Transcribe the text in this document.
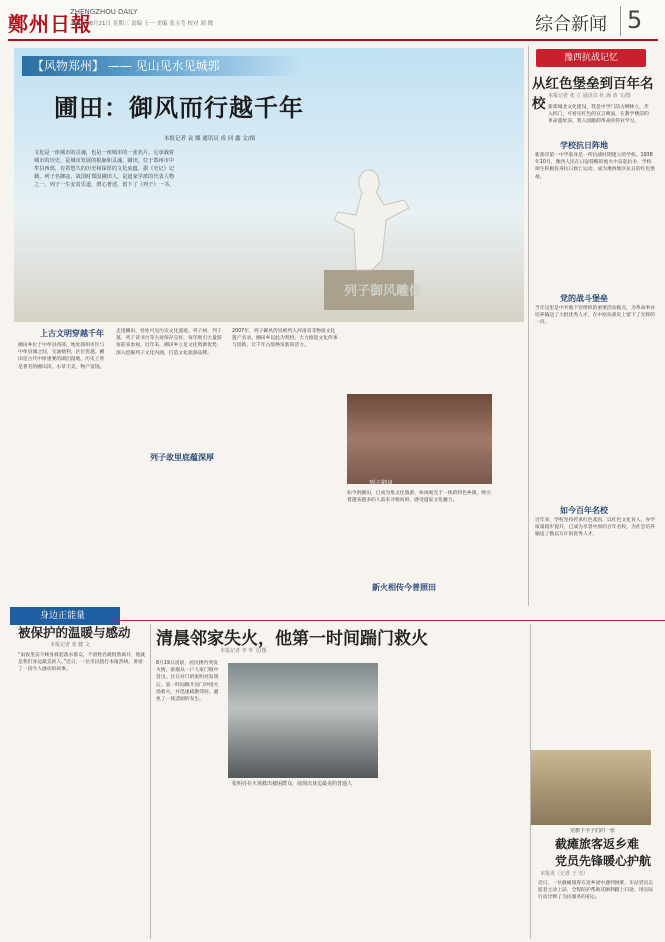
鄭州日報
ZHENGZHOU DAILY
2025年8月21日 星期三 责编 王一 美编 张玉莹 校对 刘 晓	综合新闻 5
【风物郑州】 —— 见山见水见城郭
圃田：御风而行越千年
本报记者 袁 娜 通讯员 成 同 鑫 文/图
文化是一座城市的灵魂，也是一座城市的一张名片。它承载着城市的历史，是城市发展的根脉和灵魂。圃田，位于郑州市中牟县西部，有着悠久的历史和深厚的文化底蕴。据《史记》记载，列子名御寇，战国时郑国圃田人，是道家学派的代表人物之一。列子一生安贫乐道，潜心著述，留下了《列子》一书。
列子御风雕像
上古文明穿越千年
圃田乡位于中牟县西部，地处郑州市区与中牟县城之间，交通便利，区位优越。圃田是古代中原重要的湖泊湿地，历史上曾是著名的圃田泽，水草丰美，物产富饶。
走进圃田，处处可见历史文化遗迹。列子祠、列子墓、列子读书台等古迹保存完好，每年吸引大量游客前来参观。近年来，圃田乡立足文化资源优势，深入挖掘列子文化内涵，打造文化旅游品牌。
列子故里底蕴深厚
2007年，列子御风传说被列入河南省非物质文化遗产名录。圃田乡以此为契机，大力推进文化传承与创新，让千年古韵焕发新的活力。
新火相传今普照田
如今的圃田，已成为集文化旅游、休闲观光于一体的特色乡镇，吸引着越来越多的人前来寻根问祖、感受道家文化魅力。
列子御风
豫西抗战记忆
从红色堡垒到百年名校 本报记者 张 立 通讯员 杜 海 涛 文/图
新郑城北文化建设，我是中学门前古柳林立，步入校门，可看见红色的宣言碑面，在教学楼前的革命遗址前，我入园瞻仰革命的伟业学习。
学校抗日阵地
新郑市第一中学前身是一所抗战时期建立的学校。1938年10月，豫西人民在日寇侵略的炮火中奋起抗争，学校师生积极投身抗日救亡运动，成为豫西地区抗日的红色堡垒。
党的战斗堡垒
当年这里是中共地下党组织的重要活动据点，为革命事业培养输送了大批优秀人才，在中原抗战史上留下了光辉的一页。
如今百年名校
近年来，学校坚持传承红色基因，以红色文化育人，办学质量稳步提升，已成为享誉中原的百年名校，为社会培养输送了数以万计的优秀人才。
党旗下学子们的一张
身边正能量
被保护的温暖与感动
本报记者 张 健 文
“雨夜里奋不顾身救起落水群众，不留姓名就悄然离开，他就是我们身边最美的人。”近日，一位市民拨打本报热线，讲述了一段令人感动的故事。
清晨邻家失火，他第一时间踹门救火
本报记者 李 冬 文/图
8月19日清晨，居民楼内突发火情，浓烟从一户人家门缝中冒出。住在对门的张明亮发现后，第一时间踹开房门冲进火场救火，并迅速疏散邻居，避免了一场悲剧的发生。
张明亮在火场救出被困群众，展现出身边最美的普通人
截瘫旅客返乡难
党员先锋暖心护航
本报讯（记者 王 雪）
近日，一位截瘫旅客在返乡途中遇到困难，车站党员志愿者主动上前，全程陪护帮助其顺利踏上归途，用实际行动诠释了为民服务的初心。
